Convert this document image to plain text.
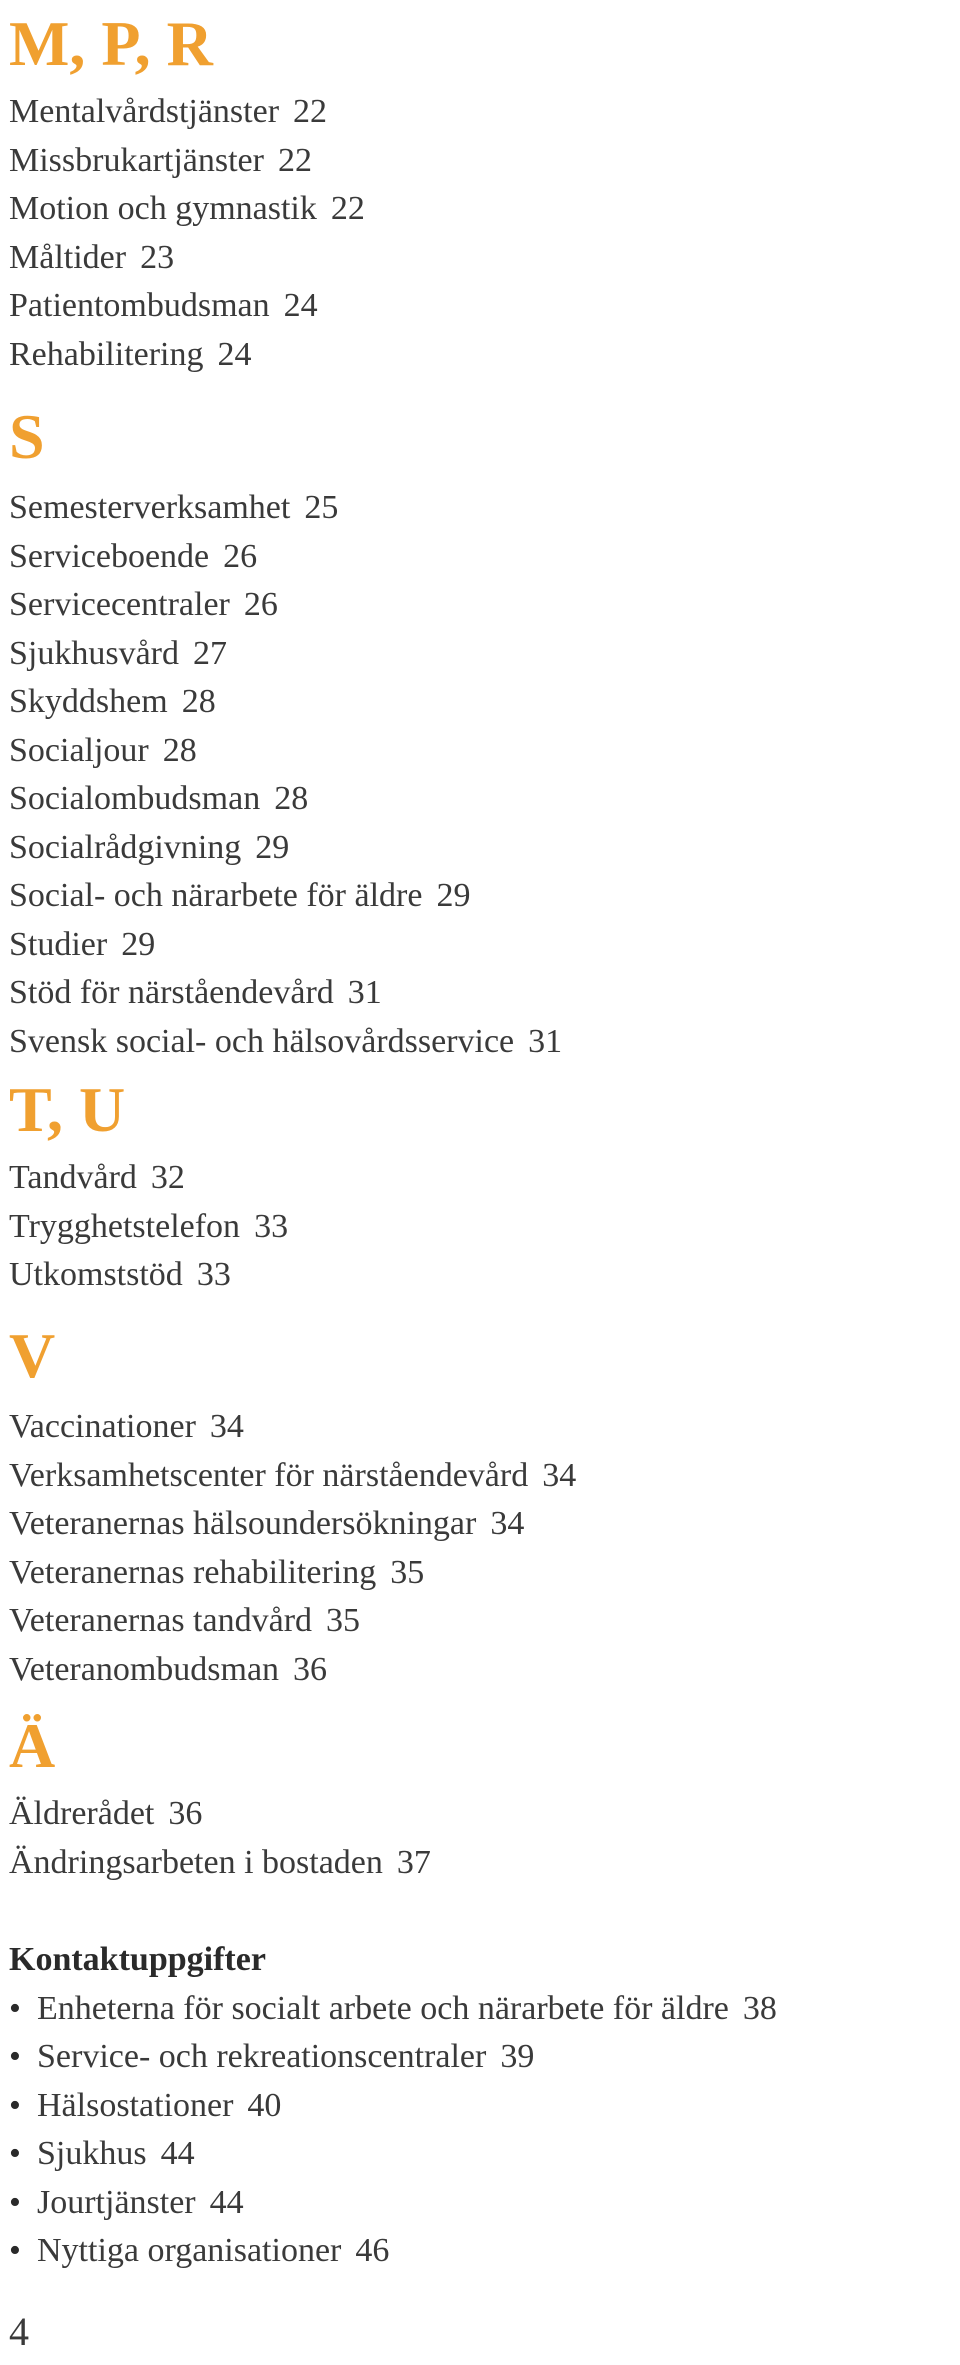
M, P, R
Mentalvårdstjänster 22
Missbrukartjänster 22
Motion och gymnastik 22
Måltider 23
Patientombudsman 24
Rehabilitering 24
S
Semesterverksamhet 25
Serviceboende 26
Servicecentraler 26
Sjukhusvård 27
Skyddshem 28
Socialjour 28
Socialombudsman 28
Socialrådgivning 29
Social- och närarbete för äldre 29
Studier 29
Stöd för närståendevård 31
Svensk social- och hälsovårdsservice 31
T, U
Tandvård 32
Trygghetstelefon 33
Utkomststöd 33
V
Vaccinationer 34
Verksamhetscenter för närståendevård 34
Veteranernas hälsoundersökningar 34
Veteranernas rehabilitering 35
Veteranernas tandvård 35
Veteranombudsman 36
Ä
Äldrerådet 36
Ändringsarbeten i bostaden 37
Kontaktuppgifter
• Enheterna för socialt arbete och närarbete för äldre 38
• Service- och rekreationscentraler 39
• Hälsostationer 40
• Sjukhus 44
• Jourtjänster 44
• Nyttiga organisationer 46
4
